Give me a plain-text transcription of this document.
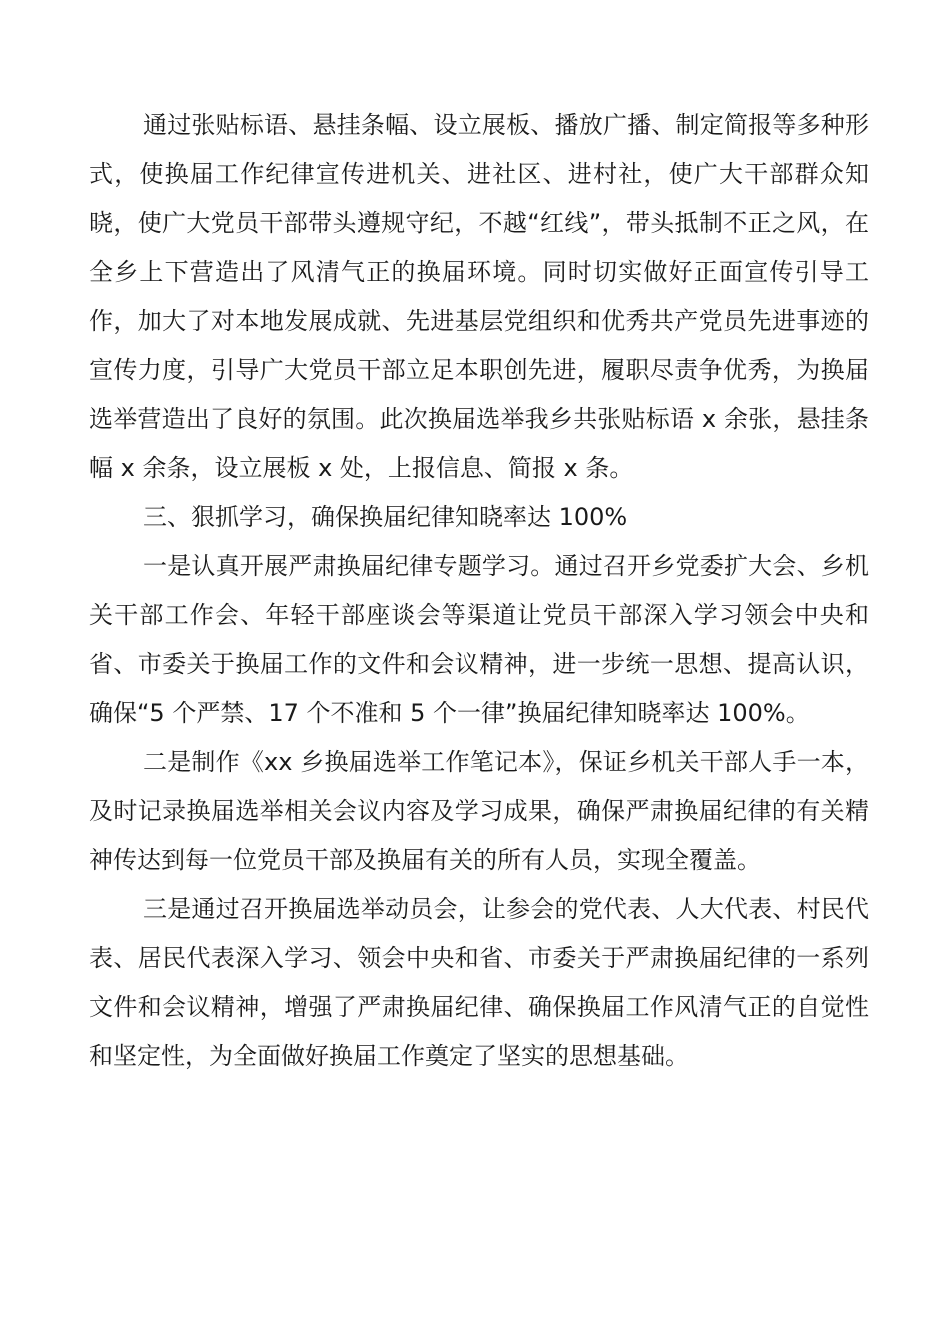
通过张贴标语、悬挂条幅、设立展板、播放广播、制定简报等多种形式，使换届工作纪律宣传进机关、进社区、进村社，使广大干部群众知晓，使广大党员干部带头遵规守纪，不越“红线”，带头抵制不正之风，在全乡上下营造出了风清气正的换届环境。同时切实做好正面宣传引导工作，加大了对本地发展成就、先进基层党组织和优秀共产党员先进事迹的宣传力度，引导广大党员干部立足本职创先进，履职尽责争优秀，为换届选举营造出了良好的氛围。此次换届选举我乡共张贴标语 x 余张，悬挂条幅 x 余条，设立展板 x 处，上报信息、简报 x 条。

三、狠抓学习，确保换届纪律知晓率达 100%

一是认真开展严肃换届纪律专题学习。通过召开乡党委扩大会、乡机关干部工作会、年轻干部座谈会等渠道让党员干部深入学习领会中央和省、市委关于换届工作的文件和会议精神，进一步统一思想、提高认识，确保“5 个严禁、17 个不准和 5 个一律”换届纪律知晓率达 100%。

二是制作《xx 乡换届选举工作笔记本》，保证乡机关干部人手一本，及时记录换届选举相关会议内容及学习成果，确保严肃换届纪律的有关精神传达到每一位党员干部及换届有关的所有人员，实现全覆盖。

三是通过召开换届选举动员会，让参会的党代表、人大代表、村民代表、居民代表深入学习、领会中央和省、市委关于严肃换届纪律的一系列文件和会议精神，增强了严肃换届纪律、确保换届工作风清气正的自觉性和坚定性，为全面做好换届工作奠定了坚实的思想基础。
